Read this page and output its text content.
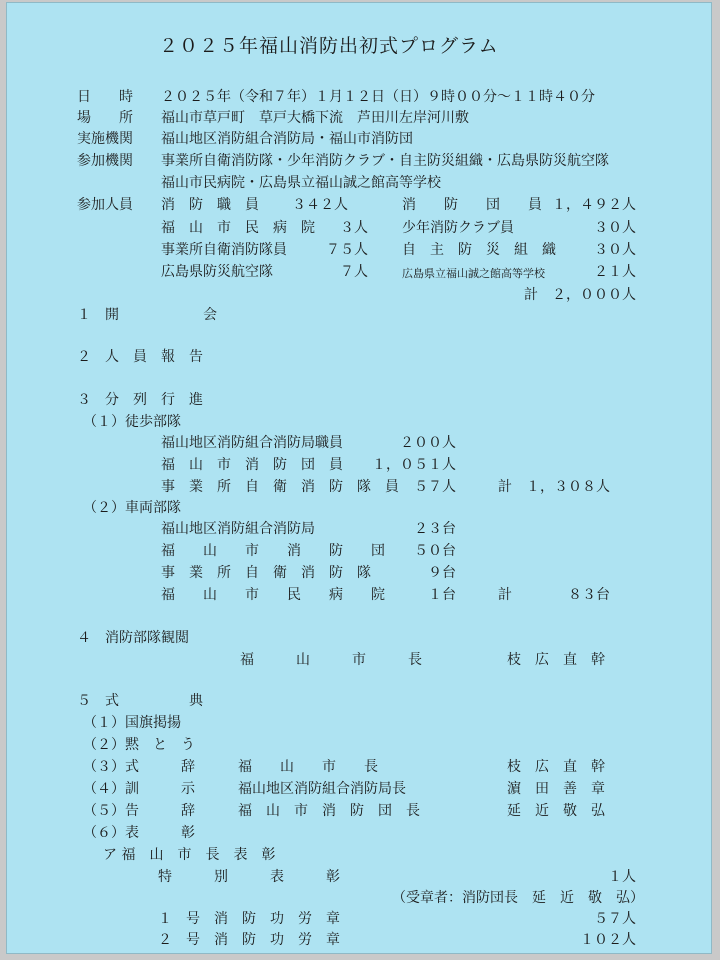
２０２５年福山消防出初式プログラム
日　　時 ２０２５年（令和７年）１月１２日（日）９時００分～１１時４０分
場　　所 福山市草戸町　草戸大橋下流　芦田川左岸河川敷
実施機関 福山地区消防組合消防局・福山市消防団
参加機関 事業所自衛消防隊・少年消防クラブ・自主防災組織・広島県防災航空隊
福山市民病院・広島県立福山誠之館高等学校
参加人員 消　防　職　員 ３４２人	消　　防　　団　　員 １，４９２人
福　山　市　民　病　院 ３人 少年消防クラブ員	３０人
事業所自衛消防隊員	７５人 自　主　防　災　組　織	３０人
広島県防災航空隊	７人	広島県立福山誠之館高等学校	２１人
計　２，０００人
１　開　　　　　　会
２　人　員　報　告
３　分　列　行　進
（１）徒歩部隊
福山地区消防組合消防局職員	２００人
福　山　市　消　防　団　員 １，０５１人
事　業　所　自　衛　消　防　隊　員 ５７人	計　１，３０８人
（２）車両部隊
福山地区消防組合消防局	２３台
福　　山　　市　　消　　防　　団 ５０台
事　業　所　自　衛　消　防　隊	９台
福　　山　　市　　民　　病　　院	１台	計	８３台
４　消防部隊観閲
福　　　山　　　市　　　長	枝　広　直　幹
５　式　　　　　典
（１）国旗掲揚
（２）黙　と　う
（３）式　　　辞	福　　山　　市　　長	枝　広　直　幹
（４）訓　　　示	福山地区消防組合消防局長	濵　田　善　章
（５）告　　　辞	福　山　市　消　防　団　長	延　近　敬　弘
（６）表　　　彰
ア 福　山　市　長　表　彰
特　　　別　　　表　　　彰	１人
（受章者：消防団長　延　近　敬　弘）
１　号　消　防　功　労　章	５７人
２　号　消　防　功　労　章	１０２人
